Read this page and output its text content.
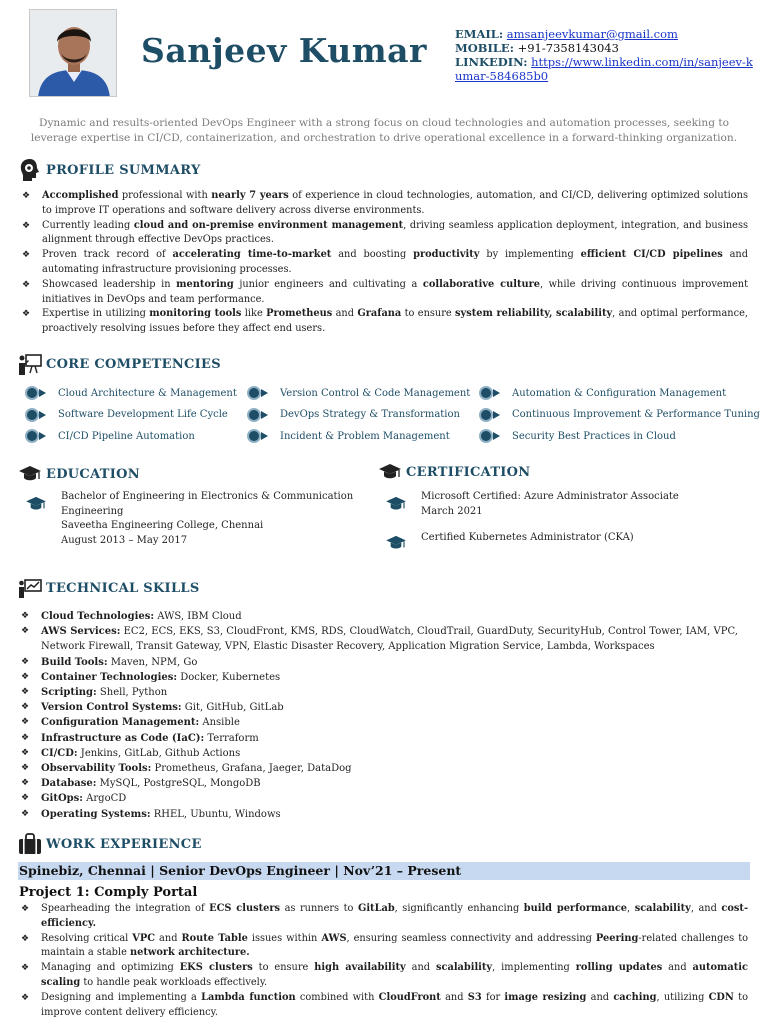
Sanjeev Kumar EMAIL: amsanjeevkumar@gmail.com
MOBILE: +91-7358143043
LINKEDIN: https://www.linkedin.com/in/sanjeev-kumar-584685b0
Dynamic and results-oriented DevOps Engineer with a strong focus on cloud technologies and automation processes, seeking to leverage expertise in CI/CD, containerization, and orchestration to drive operational excellence in a forward-thinking organization.
PROFILE SUMMARY
❖ Accomplished professional with nearly 7 years of experience in cloud technologies, automation, and CI/CD, delivering optimized solutions to improve IT operations and software delivery across diverse environments.
❖ Currently leading cloud and on-premise environment management, driving seamless application deployment, integration, and business alignment through effective DevOps practices.
❖ Proven track record of accelerating time-to-market and boosting productivity by implementing efficient CI/CD pipelines and automating infrastructure provisioning processes.
❖ Showcased leadership in mentoring junior engineers and cultivating a collaborative culture, while driving continuous improvement initiatives in DevOps and team performance.
❖ Expertise in utilizing monitoring tools like Prometheus and Grafana to ensure system reliability, scalability, and optimal performance, proactively resolving issues before they affect end users.
CORE COMPETENCIES
Cloud Architecture & Management	Version Control & Code Management	Automation & Configuration Management
Software Development Life Cycle	DevOps Strategy & Transformation	Continuous Improvement & Performance Tuning
CI/CD Pipeline Automation	Incident & Problem Management	Security Best Practices in Cloud
EDUCATION
Bachelor of Engineering in Electronics & Communication Engineering
Saveetha Engineering College, Chennai
August 2013 – May 2017
CERTIFICATION
Microsoft Certified: Azure Administrator Associate
March 2021
Certified Kubernetes Administrator (CKA)
TECHNICAL SKILLS
❖ Cloud Technologies: AWS, IBM Cloud
❖ AWS Services: EC2, ECS, EKS, S3, CloudFront, KMS, RDS, CloudWatch, CloudTrail, GuardDuty, SecurityHub, Control Tower, IAM, VPC, Network Firewall, Transit Gateway, VPN, Elastic Disaster Recovery, Application Migration Service, Lambda, Workspaces
❖ Build Tools: Maven, NPM, Go
❖ Container Technologies: Docker, Kubernetes
❖ Scripting: Shell, Python
❖ Version Control Systems: Git, GitHub, GitLab
❖ Configuration Management: Ansible
❖ Infrastructure as Code (IaC): Terraform
❖ CI/CD: Jenkins, GitLab, Github Actions
❖ Observability Tools: Prometheus, Grafana, Jaeger, DataDog
❖ Database: MySQL, PostgreSQL, MongoDB
❖ GitOps: ArgoCD
❖ Operating Systems: RHEL, Ubuntu, Windows
WORK EXPERIENCE
Spinebiz, Chennai | Senior DevOps Engineer | Nov’21 – Present
Project 1: Comply Portal
❖ Spearheading the integration of ECS clusters as runners to GitLab, significantly enhancing build performance, scalability, and cost-efficiency.
❖ Resolving critical VPC and Route Table issues within AWS, ensuring seamless connectivity and addressing Peering-related challenges to maintain a stable network architecture.
❖ Managing and optimizing EKS clusters to ensure high availability and scalability, implementing rolling updates and automatic scaling to handle peak workloads effectively.
❖ Designing and implementing a Lambda function combined with CloudFront and S3 for image resizing and caching, utilizing CDN to improve content delivery efficiency.
